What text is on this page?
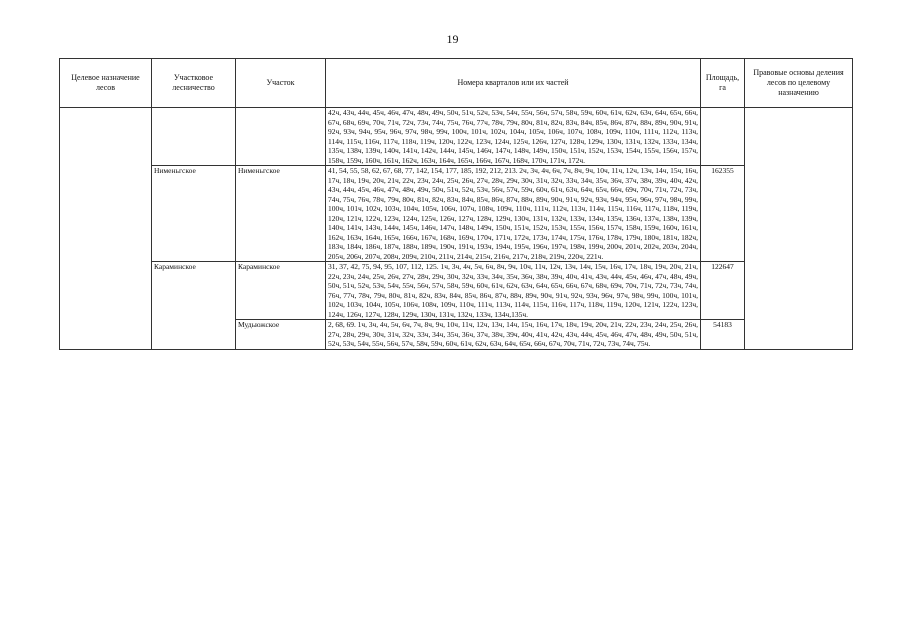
19
Целевое назначение лесов	Участковое лесничество	Участок	Номера кварталов или их частей	Площадь, га	Правовые основы деления лесов по целевому назначению
			42ч, 43ч, 44ч, 45ч, 46ч, 47ч, 48ч, 49ч, 50ч, 51ч, 52ч, 53ч, 54ч, 55ч, 56ч, 57ч, 58ч, 59ч, 60ч, 61ч, 62ч, 63ч, 64ч, 65ч, 66ч, 67ч, 68ч, 69ч, 70ч, 71ч, 72ч, 73ч, 74ч, 75ч, 76ч, 77ч, 78ч, 79ч, 80ч, 81ч, 82ч, 83ч, 84ч, 85ч, 86ч, 87ч, 88ч, 89ч, 90ч, 91ч, 92ч, 93ч, 94ч, 95ч, 96ч, 97ч, 98ч, 99ч, 100ч, 101ч, 102ч, 104ч, 105ч, 106ч, 107ч, 108ч, 109ч, 110ч, 111ч, 112ч, 113ч, 114ч, 115ч, 116ч, 117ч, 118ч, 119ч, 120ч, 122ч, 123ч, 124ч, 125ч, 126ч, 127ч, 128ч, 129ч, 130ч, 131ч, 132ч, 133ч, 134ч, 135ч, 138ч, 139ч, 140ч, 141ч, 142ч, 144ч, 145ч, 146ч, 147ч, 148ч, 149ч, 150ч, 151ч, 152ч, 153ч, 154ч, 155ч, 156ч, 157ч, 158ч, 159ч, 160ч, 161ч, 162ч, 163ч, 164ч, 165ч, 166ч, 167ч, 168ч, 170ч, 171ч, 172ч.		
	Нименьгское	Нименьгское	41, 54, 55, 58, 62, 67, 68, 77, 142, 154, 177, 185, 192, 212, 213. 2ч, 3ч, 4ч, 6ч, 7ч, 8ч, 9ч, 10ч, 11ч, 12ч, 13ч, 14ч, 15ч, 16ч, 17ч, 18ч, 19ч, 20ч, 21ч, 22ч, 23ч, 24ч, 25ч, 26ч, 27ч, 28ч, 29ч, 30ч, 31ч, 32ч, 33ч, 34ч, 35ч, 36ч, 37ч, 38ч, 39ч, 40ч, 42ч, 43ч, 44ч, 45ч, 46ч, 47ч, 48ч, 49ч, 50ч, 51ч, 52ч, 53ч, 56ч, 57ч, 59ч, 60ч, 61ч, 63ч, 64ч, 65ч, 66ч, 69ч, 70ч, 71ч, 72ч, 73ч, 74ч, 75ч, 76ч, 78ч, 79ч, 80ч, 81ч, 82ч, 83ч, 84ч, 85ч, 86ч, 87ч, 88ч, 89ч, 90ч, 91ч, 92ч, 93ч, 94ч, 95ч, 96ч, 97ч, 98ч, 99ч, 100ч, 101ч, 102ч, 103ч, 104ч, 105ч, 106ч, 107ч, 108ч, 109ч, 110ч, 111ч, 112ч, 113ч, 114ч, 115ч, 116ч, 117ч, 118ч, 119ч, 120ч, 121ч, 122ч, 123ч, 124ч, 125ч, 126ч, 127ч, 128ч, 129ч, 130ч, 131ч, 132ч, 133ч, 134ч, 135ч, 136ч, 137ч, 138ч, 139ч, 140ч, 141ч, 143ч, 144ч, 145ч, 146ч, 147ч, 148ч, 149ч, 150ч, 151ч, 152ч, 153ч, 155ч, 156ч, 157ч, 158ч, 159ч, 160ч, 161ч, 162ч, 163ч, 164ч, 165ч, 166ч, 167ч, 168ч, 169ч, 170ч, 171ч, 172ч, 173ч, 174ч, 175ч, 176ч, 178ч, 179ч, 180ч, 181ч, 182ч, 183ч, 184ч, 186ч, 187ч, 188ч, 189ч, 190ч, 191ч, 193ч, 194ч, 195ч, 196ч, 197ч, 198ч, 199ч, 200ч, 201ч, 202ч, 203ч, 204ч, 205ч, 206ч, 207ч, 208ч, 209ч, 210ч, 211ч, 214ч, 215ч, 216ч, 217ч, 218ч, 219ч, 220ч, 221ч.	162355	
	Караминское	Караминское	31, 37, 42, 75, 94, 95, 107, 112, 125. 1ч, 3ч, 4ч, 5ч, 6ч, 8ч, 9ч, 10ч, 11ч, 12ч, 13ч, 14ч, 15ч, 16ч, 17ч, 18ч, 19ч, 20ч, 21ч, 22ч, 23ч, 24ч, 25ч, 26ч, 27ч, 28ч, 29ч, 30ч, 32ч, 33ч, 34ч, 35ч, 36ч, 38ч, 39ч, 40ч, 41ч, 43ч, 44ч, 45ч, 46ч, 47ч, 48ч, 49ч, 50ч, 51ч, 52ч, 53ч, 54ч, 55ч, 56ч, 57ч, 58ч, 59ч, 60ч, 61ч, 62ч, 63ч, 64ч, 65ч, 66ч, 67ч, 68ч, 69ч, 70ч, 71ч, 72ч, 73ч, 74ч, 76ч, 77ч, 78ч, 79ч, 80ч, 81ч, 82ч, 83ч, 84ч, 85ч, 86ч, 87ч, 88ч, 89ч, 90ч, 91ч, 92ч, 93ч, 96ч, 97ч, 98ч, 99ч, 100ч, 101ч, 102ч, 103ч, 104ч, 105ч, 106ч, 108ч, 109ч, 110ч, 111ч, 113ч, 114ч, 115ч, 116ч, 117ч, 118ч, 119ч, 120ч, 121ч, 122ч, 123ч, 124ч, 126ч, 127ч, 128ч, 129ч, 130ч, 131ч, 132ч, 133ч, 134ч,135ч.	122647	
		Мудьюжское	2, 68, 69. 1ч, 3ч, 4ч, 5ч, 6ч, 7ч, 8ч, 9ч, 10ч, 11ч, 12ч, 13ч, 14ч, 15ч, 16ч, 17ч, 18ч, 19ч, 20ч, 21ч, 22ч, 23ч, 24ч, 25ч, 26ч, 27ч, 28ч, 29ч, 30ч, 31ч, 32ч, 33ч, 34ч, 35ч, 36ч, 37ч, 38ч, 39ч, 40ч, 41ч, 42ч, 43ч, 44ч, 45ч, 46ч, 47ч, 48ч, 49ч, 50ч, 51ч, 52ч, 53ч, 54ч, 55ч, 56ч, 57ч, 58ч, 59ч, 60ч, 61ч, 62ч, 63ч, 64ч, 65ч, 66ч, 67ч, 70ч, 71ч, 72ч, 73ч, 74ч, 75ч.	54183	
